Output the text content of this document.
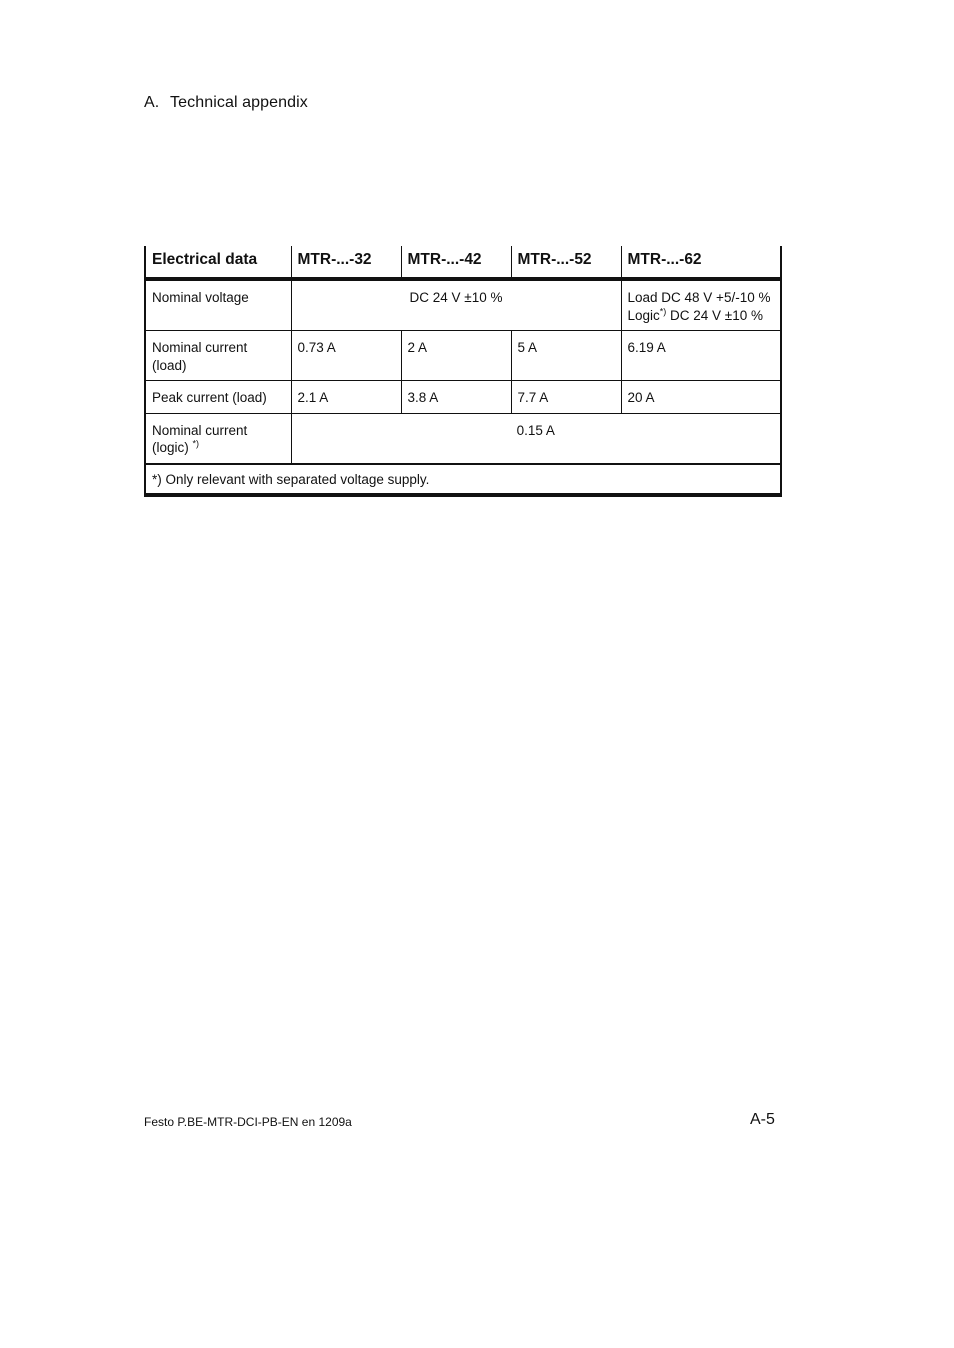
A. Technical appendix
Electrical data	MTR-...-32	MTR-...-42	MTR-...-52	MTR-...-62
Nominal voltage	DC 24 V ±10 %			Load DC 48 V +5/-10 %
Logic*) DC 24 V ±10 %
Nominal current
(load)	0.73 A	2 A	5 A	6.19 A
Peak current (load)	2.1 A	3.8 A	7.7 A	20 A
Nominal current
(logic) *)	0.15 A			
*) Only relevant with separated voltage supply.				
Festo P.BE-MTR-DCI-PB-EN en 1209a	A-5
